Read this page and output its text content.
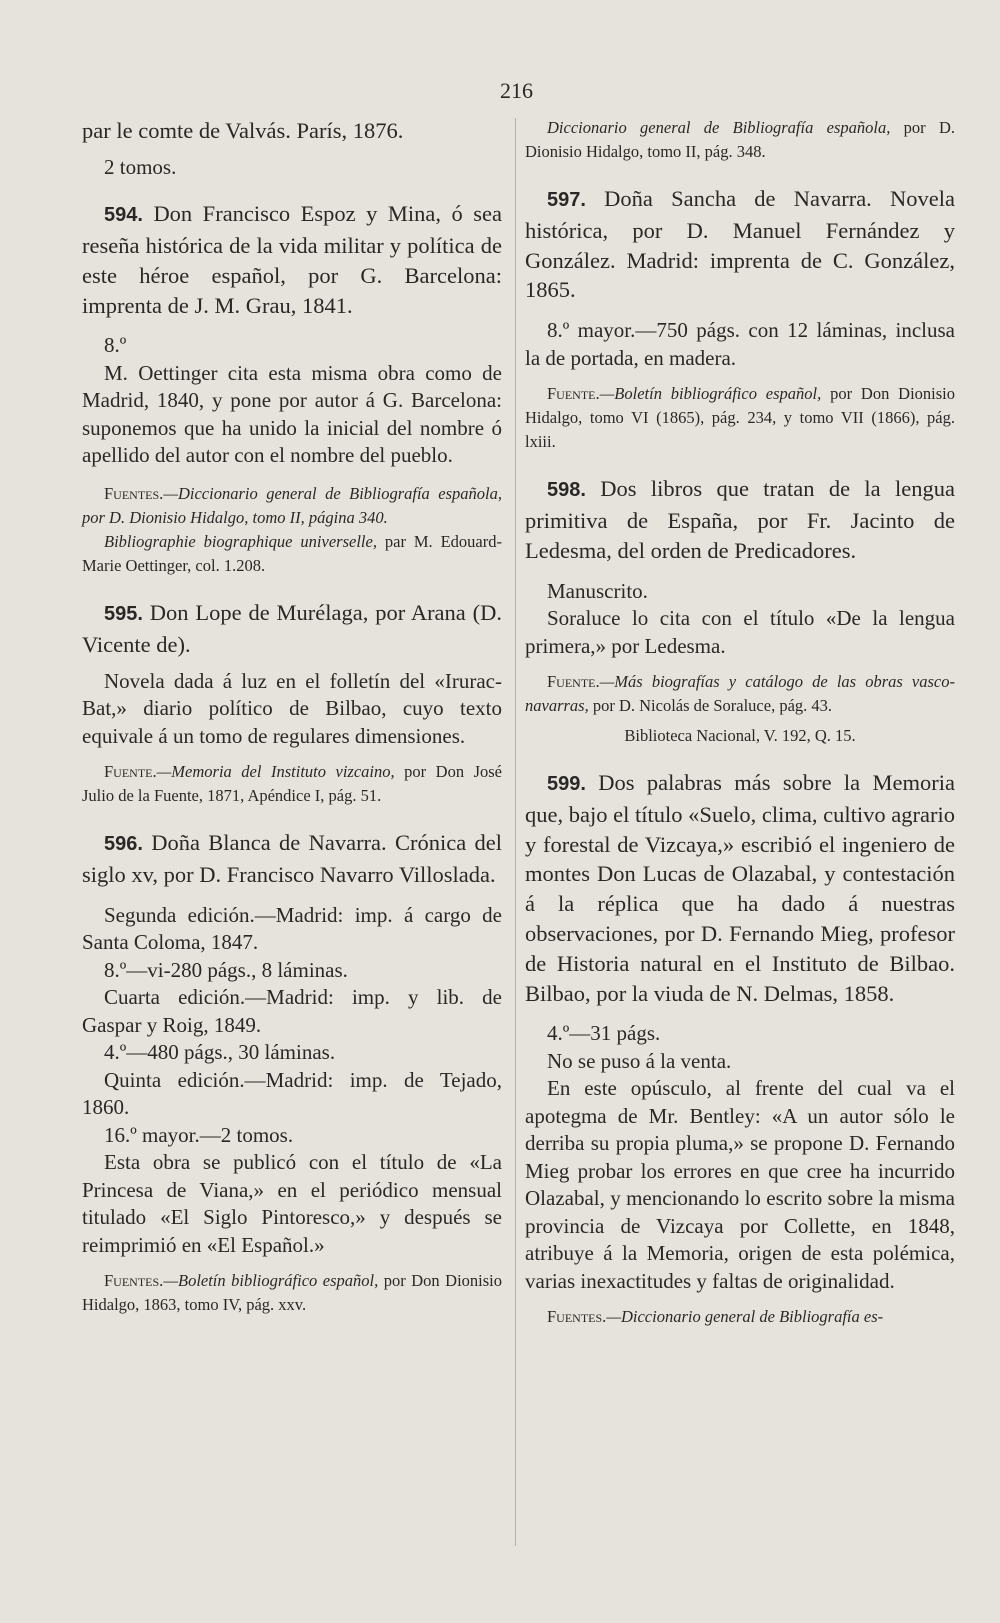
216

par le comte de Valvás. París, 1876.

2 tomos.

594. Don Francisco Espoz y Mina, ó sea reseña histórica de la vida militar y política de este héroe español, por G. Barcelona: imprenta de J. M. Grau, 1841.

8.º

M. Oettinger cita esta misma obra como de Madrid, 1840, y pone por autor á G. Barcelona: suponemos que ha unido la inicial del nombre ó apellido del autor con el nombre del pueblo.

Fuentes.—Diccionario general de Bibliografía española, por D. Dionisio Hidalgo, tomo II, página 340.

Bibliographie biographique universelle, par M. Edouard-Marie Oettinger, col. 1.208.

595. Don Lope de Murélaga, por Arana (D. Vicente de).

Novela dada á luz en el folletín del «Irurac-Bat,» diario político de Bilbao, cuyo texto equivale á un tomo de regulares dimensiones.

Fuente.—Memoria del Instituto vizcaino, por Don José Julio de la Fuente, 1871, Apéndice I, pág. 51.

596. Doña Blanca de Navarra. Crónica del siglo xv, por D. Francisco Navarro Villoslada.

Segunda edición.—Madrid: imp. á cargo de Santa Coloma, 1847.

8.º—vi-280 págs., 8 láminas.

Cuarta edición.—Madrid: imp. y lib. de Gaspar y Roig, 1849.

4.º—480 págs., 30 láminas.

Quinta edición.—Madrid: imp. de Tejado, 1860.

16.º mayor.—2 tomos.

Esta obra se publicó con el título de «La Princesa de Viana,» en el periódico mensual titulado «El Siglo Pintoresco,» y después se reimprimió en «El Español.»

Fuentes.—Boletín bibliográfico español, por Don Dionisio Hidalgo, 1863, tomo IV, pág. xxv.

Diccionario general de Bibliografía española, por D. Dionisio Hidalgo, tomo II, pág. 348.

597. Doña Sancha de Navarra. Novela histórica, por D. Manuel Fernández y González. Madrid: imprenta de C. González, 1865.

8.º mayor.—750 págs. con 12 láminas, inclusa la de portada, en madera.

Fuente.—Boletín bibliográfico español, por Don Dionisio Hidalgo, tomo VI (1865), pág. 234, y tomo VII (1866), pág. lxiii.

598. Dos libros que tratan de la lengua primitiva de España, por Fr. Jacinto de Ledesma, del orden de Predicadores.

Manuscrito.

Soraluce lo cita con el título «De la lengua primera,» por Ledesma.

Fuente.—Más biografías y catálogo de las obras vasco-navarras, por D. Nicolás de Soraluce, pág. 43.

Biblioteca Nacional, V. 192, Q. 15.

599. Dos palabras más sobre la Memoria que, bajo el título «Suelo, clima, cultivo agrario y forestal de Vizcaya,» escribió el ingeniero de montes Don Lucas de Olazabal, y contestación á la réplica que ha dado á nuestras observaciones, por D. Fernando Mieg, profesor de Historia natural en el Instituto de Bilbao. Bilbao, por la viuda de N. Delmas, 1858.

4.º—31 págs.

No se puso á la venta.

En este opúsculo, al frente del cual va el apotegma de Mr. Bentley: «A un autor sólo le derriba su propia pluma,» se propone D. Fernando Mieg probar los errores en que cree ha incurrido Olazabal, y mencionando lo escrito sobre la misma provincia de Vizcaya por Collette, en 1848, atribuye á la Memoria, origen de esta polémica, varias inexactitudes y faltas de originalidad.

Fuentes.—Diccionario general de Bibliografía es-
